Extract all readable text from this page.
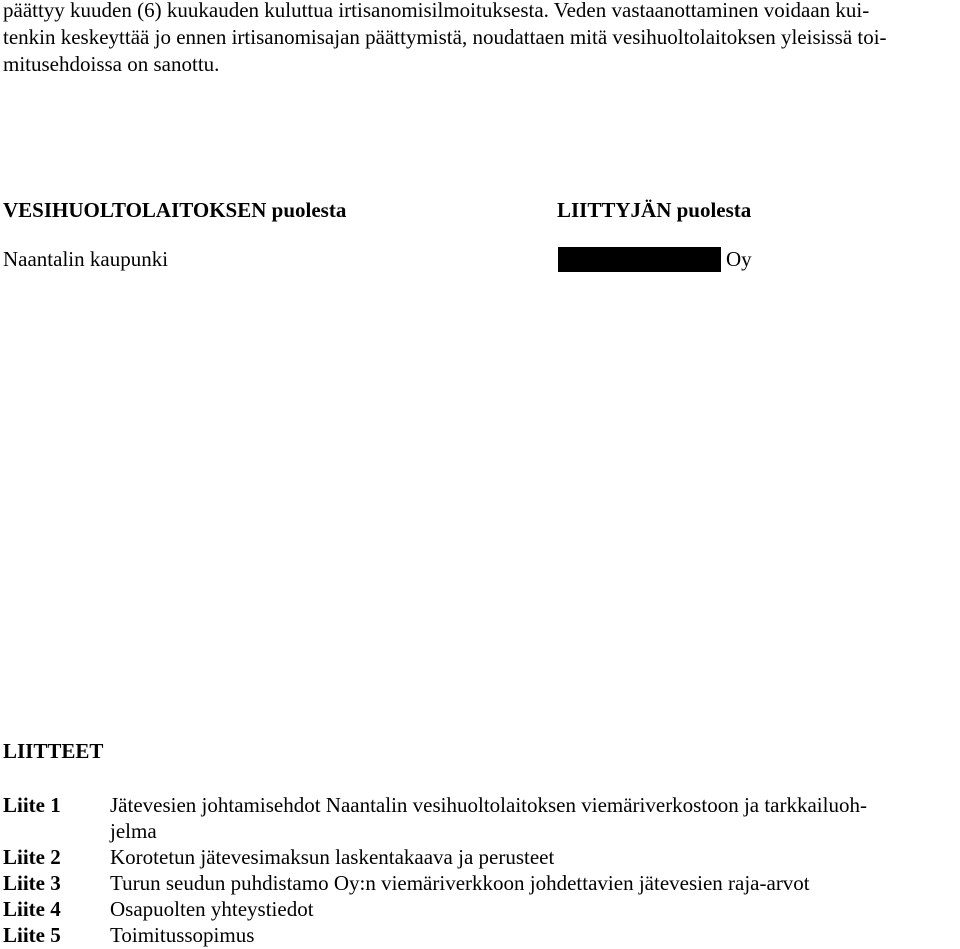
päättyy kuuden (6) kuukauden kuluttua irtisanomisilmoituksesta. Veden vastaanottaminen voidaan kui-
tenkin keskeyttää jo ennen irtisanomisajan päättymistä, noudattaen mitä vesihuoltolaitoksen yleisissä toi-
mitusehdoissa on sanottu.
VESIHUOLTOLAITOKSEN puolesta
Naantalin kaupunki
LIITTYJÄN puolesta
Oy
LIITTEET
Liite 1 Jätevesien johtamisehdot Naantalin vesihuoltolaitoksen viemäriverkostoon ja tarkkailuoh-
jelma
Liite 2 Korotetun jätevesimaksun laskentakaava ja perusteet
Liite 3 Turun seudun puhdistamo Oy:n viemäriverkkoon johdettavien jätevesien raja-arvot
Liite 4 Osapuolten yhteystiedot
Liite 5 Toimitussopimus
